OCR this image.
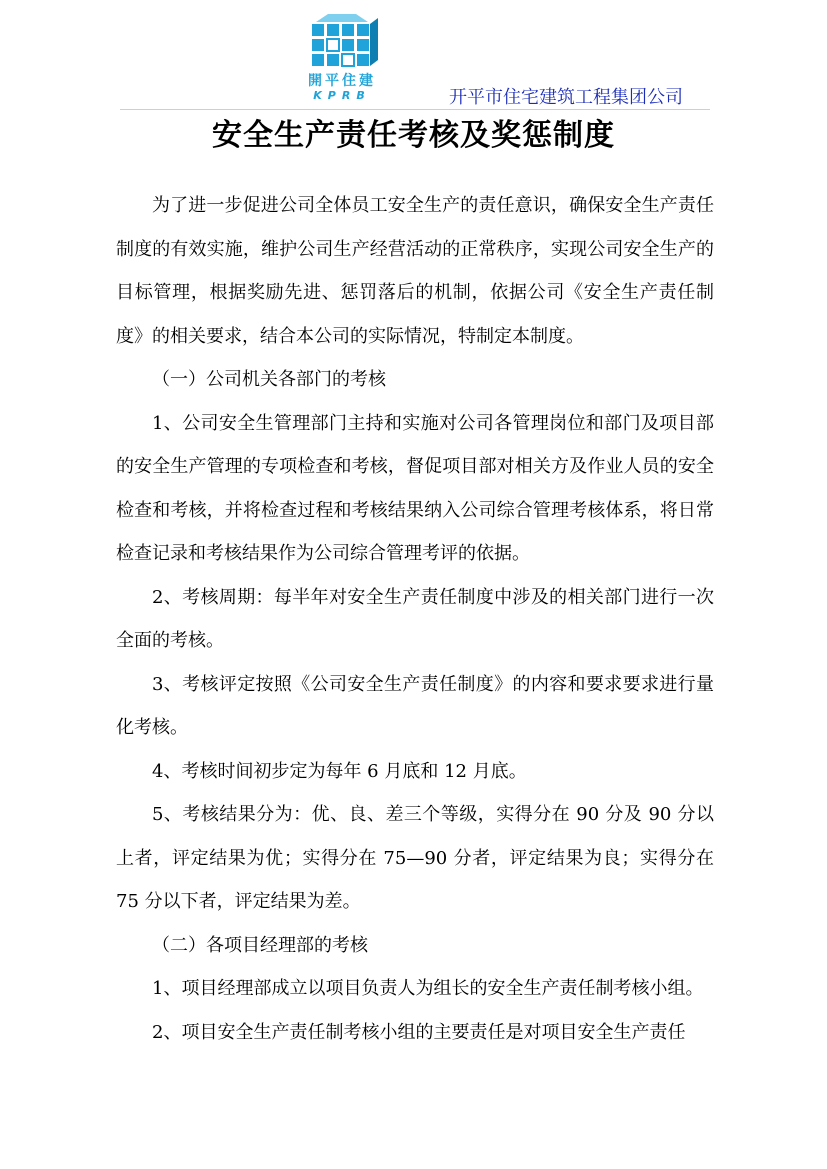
開平住建
KPRB	开平市住宅建筑工程集团公司
安全生产责任考核及奖惩制度

为了进一步促进公司全体员工安全生产的责任意识，确保安全生产责任制度的有效实施，维护公司生产经营活动的正常秩序，实现公司安全生产的目标管理，根据奖励先进、惩罚落后的机制，依据公司《安全生产责任制度》的相关要求，结合本公司的实际情况，特制定本制度。

（一）公司机关各部门的考核

1、公司安全生管理部门主持和实施对公司各管理岗位和部门及项目部的安全生产管理的专项检查和考核，督促项目部对相关方及作业人员的安全检查和考核，并将检查过程和考核结果纳入公司综合管理考核体系，将日常检查记录和考核结果作为公司综合管理考评的依据。

2、考核周期：每半年对安全生产责任制度中涉及的相关部门进行一次全面的考核。

3、考核评定按照《公司安全生产责任制度》的内容和要求要求进行量化考核。

4、考核时间初步定为每年 6 月底和 12 月底。

5、考核结果分为：优、良、差三个等级，实得分在 90 分及 90 分以上者，评定结果为优；实得分在 75—90 分者，评定结果为良；实得分在 75 分以下者，评定结果为差。

（二）各项目经理部的考核

1、项目经理部成立以项目负责人为组长的安全生产责任制考核小组。

2、项目安全生产责任制考核小组的主要责任是对项目安全生产责任
